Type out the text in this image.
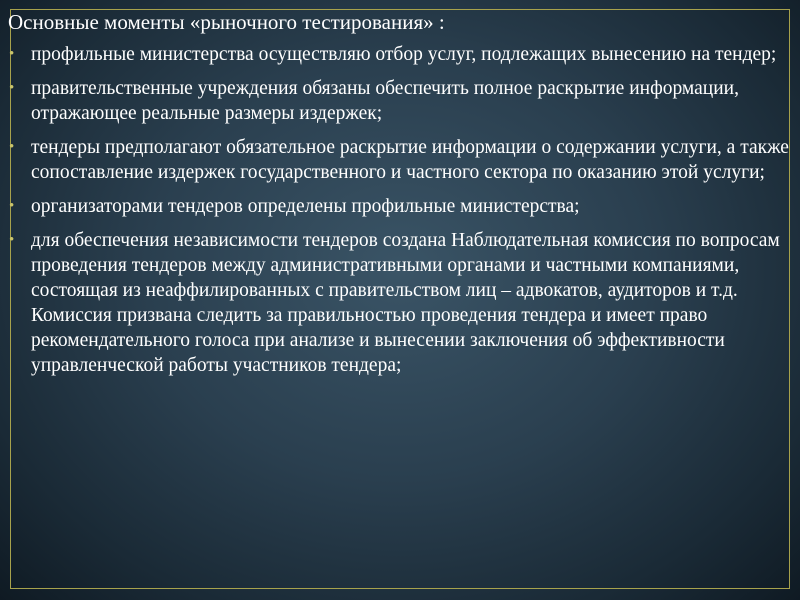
Основные моменты «рыночного тестирования» :
• профильные министерства осуществляю отбор услуг, подлежащих вынесению на тендер;
• правительственные учреждения обязаны обеспечить полное раскрытие информации, отражающее реальные размеры издержек;
• тендеры предполагают обязательное раскрытие информации о содержании услуги, а также сопоставление издержек государственного и частного сектора по оказанию этой услуги;
• организаторами тендеров определены профильные министерства;
• для обеспечения независимости тендеров создана Наблюдательная комиссия по вопросам проведения тендеров между административными органами и частными компаниями, состоящая из неаффилированных с правительством лиц – адвокатов, аудиторов и т.д. Комиссия призвана следить за правильностью проведения тендера и имеет право рекомендательного голоса при анализе и вынесении заключения об эффективности управленческой работы участников тендера;
